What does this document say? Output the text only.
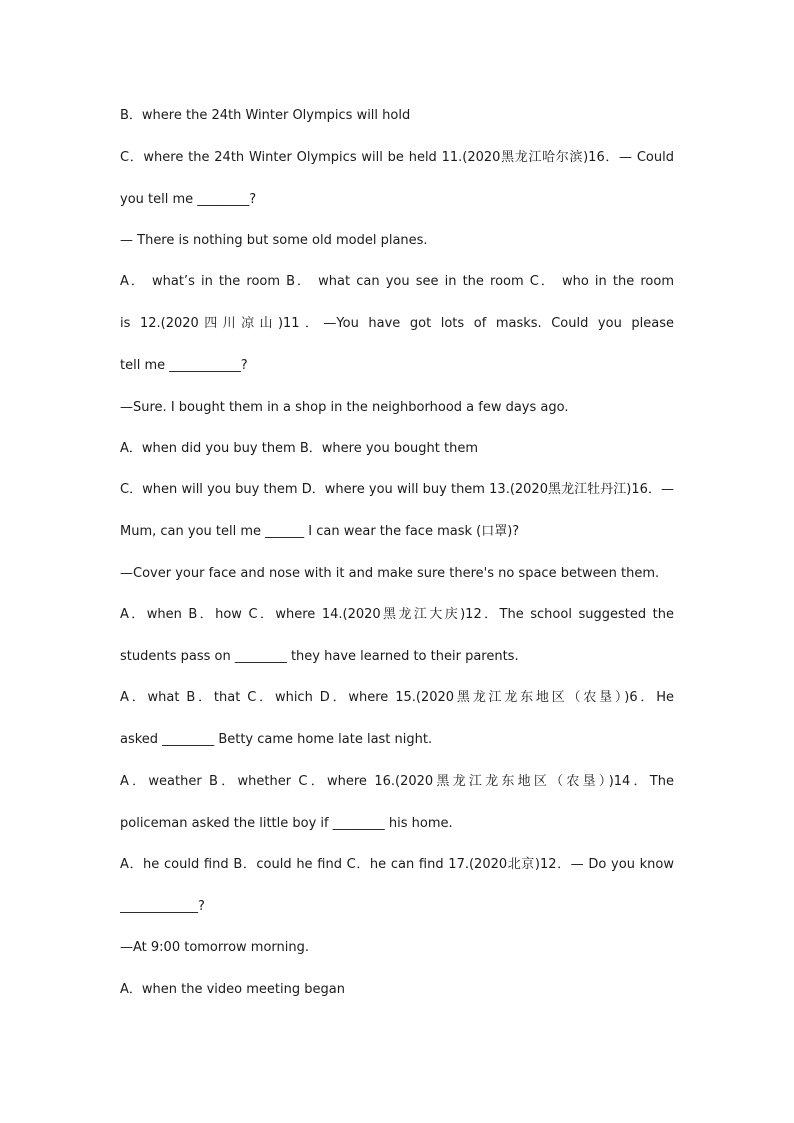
B．where the 24th Winter Olympics will hold
C．where the 24th Winter Olympics will be held 11.(2020黑龙江哈尔滨)16．— Could
you tell me ________?
— There is nothing but some old model planes.
A． what’s in the room B． what can you see in the room C． who in the room
is 12.(2020四川凉山)11．—You have got lots of masks. Could you please
tell me ___________?
—Sure. I bought them in a shop in the neighborhood a few days ago.
A．when did you buy them B．where you bought them
C．when will you buy them D．where you will buy them 13.(2020黑龙江牡丹江)16．—
Mum, can you tell me ______ I can wear the face mask (口罩)?
—Cover your face and nose with it and make sure there's no space between them.
A．when B．how C．where 14.(2020黑龙江大庆)12．The school suggested the
students pass on ________ they have learned to their parents.
A．what B．that C．which D．where 15.(2020黑龙江龙东地区（农垦）)6．He
asked ________ Betty came home late last night.
A．weather B．whether C．where 16.(2020黑龙江龙东地区（农垦）)14．The
policeman asked the little boy if ________ his home.
A．he could find B．could he find C．he can find 17.(2020北京)12．— Do you know
____________?
—At 9:00 tomorrow morning.
A．when the video meeting began
